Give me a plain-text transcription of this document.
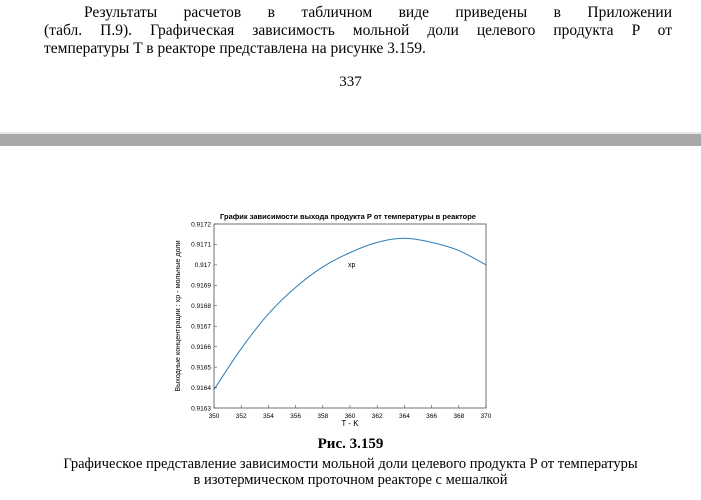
Результаты расчетов в табличном виде приведены в Приложении
(табл. П.9). Графическая зависимость мольной доли целевого продукта P от
температуры T в реакторе представлена на рисунке 3.159.
337
График зависимости выхода продукта P от температуры в реакторе
350	352	354	356	358	360	362	364	366	368	370
0.9163
0.9164
0.9165
0.9166
0.9167
0.9168
0.9169
0.917
0.9171
0.9172
xp
T - K
Выходные концентрации : xp - мольные доли
Рис. 3.159
Графическое представление зависимости мольной доли целевого продукта P от температуры
в изотермическом проточном реакторе с мешалкой
